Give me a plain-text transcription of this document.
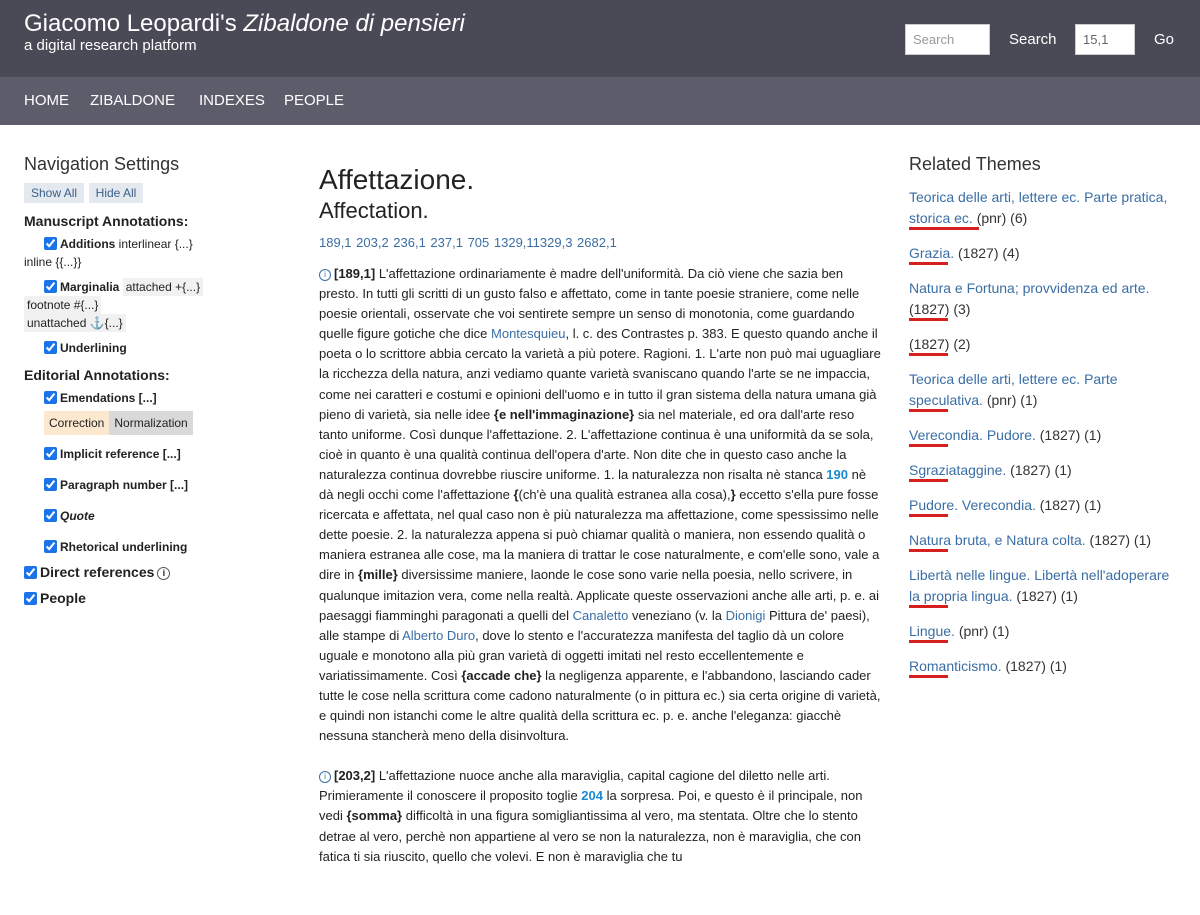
Giacomo Leopardi's Zibaldone di pensieri
a digital research platform
Search	Search
15,1	Go
HOME ZIBALDONE INDEXES PEOPLE
Navigation Settings
Show All Hide All
Manuscript Annotations:
Additions interlinear {...}
inline {{...}}
Marginalia attached +{...}
footnote #{...}
unattached ⚓{...}
Underlining
Editorial Annotations:
Emendations [...]
Correction Normalization
Implicit reference [...]
Paragraph number [...]
Quote
Rhetorical underlining
Direct references i
People
Affettazione.
Affectation.
189,1 203,2 236,1 237,1 705 1329,11329,3 2682,1
i [189,1] L'affettazione ordinariamente è madre dell'uniformità. Da ciò viene che sazia ben presto. In tutti gli scritti di un gusto falso e affettato, come in tante poesie straniere, come nelle poesie orientali, osservate che voi sentirete sempre un senso di monotonia, come guardando quelle figure gotiche che dice Montesquieu, l. c. des Contrastes p. 383. E questo quando anche il poeta o lo scrittore abbia cercato la varietà a più potere. Ragioni. 1. L'arte non può mai uguagliare la ricchezza della natura, anzi vediamo quante varietà svaniscano quando l'arte se ne impaccia, come nei caratteri e costumi e opinioni dell'uomo e in tutto il gran sistema della natura umana già pieno di varietà, sia nelle idee {e nell'immaginazione} sia nel materiale, ed ora dall'arte reso tanto uniforme. Così dunque l'affettazione. 2. L'affettazione continua è una uniformità da se sola, cioè in quanto è una qualità continua dell'opera d'arte. Non dite che in questo caso anche la naturalezza continua dovrebbe riuscire uniforme. 1. la naturalezza non risalta nè stanca 190 nè dà negli occhi come l'affettazione {(ch'è una qualità estranea alla cosa),} eccetto s'ella pure fosse ricercata e affettata, nel qual caso non è più naturalezza ma affettazione, come spessissimo nelle dette poesie. 2. la naturalezza appena si può chiamar qualità o maniera, non essendo qualità o maniera estranea alle cose, ma la maniera di trattar le cose naturalmente, e com'elle sono, vale a dire in {mille} diversissime maniere, laonde le cose sono varie nella poesia, nello scrivere, in qualunque imitazion vera, come nella realtà. Applicate queste osservazioni anche alle arti, p. e. ai paesaggi fiamminghi paragonati a quelli del Canaletto veneziano (v. la Dionigi Pittura de' paesi), alle stampe di Alberto Duro, dove lo stento e l'accuratezza manifesta del taglio dà un colore uguale e monotono alla più gran varietà di oggetti imitati nel resto eccellentemente e variatissimamente. Così {accade che} la negligenza apparente, e l'abbandono, lasciando cader tutte le cose nella scrittura come cadono naturalmente (o in pittura ec.) sia certa origine di varietà, e quindi non istanchi come le altre qualità della scrittura ec. p. e. anche l'eleganza: giacchè nessuna stancherà meno della disinvoltura.
i [203,2] L'affettazione nuoce anche alla maraviglia, capital cagione del diletto nelle arti. Primieramente il conoscere il proposito toglie 204 la sorpresa. Poi, e questo è il principale, non vedi {somma} difficoltà in una figura somigliantissima al vero, ma stentata. Oltre che lo stento detrae al vero, perchè non appartiene al vero se non la naturalezza, non è maraviglia, che con fatica ti sia riuscito, quello che volevi. E non è maraviglia che tu
Related Themes
Teorica delle arti, lettere ec. Parte pratica, storica ec. (pnr) (6)
Grazia. (1827) (4)
Natura e Fortuna; provvidenza ed arte. (1827) (3)
(1827) (2)
Teorica delle arti, lettere ec. Parte speculativa. (pnr) (1)
Verecondia. Pudore. (1827) (1)
Sgraziataggine. (1827) (1)
Pudore. Verecondia. (1827) (1)
Natura bruta, e Natura colta. (1827) (1)
Libertà nelle lingue. Libertà nell'adoperare la propria lingua. (1827) (1)
Lingue. (pnr) (1)
Romanticismo. (1827) (1)
